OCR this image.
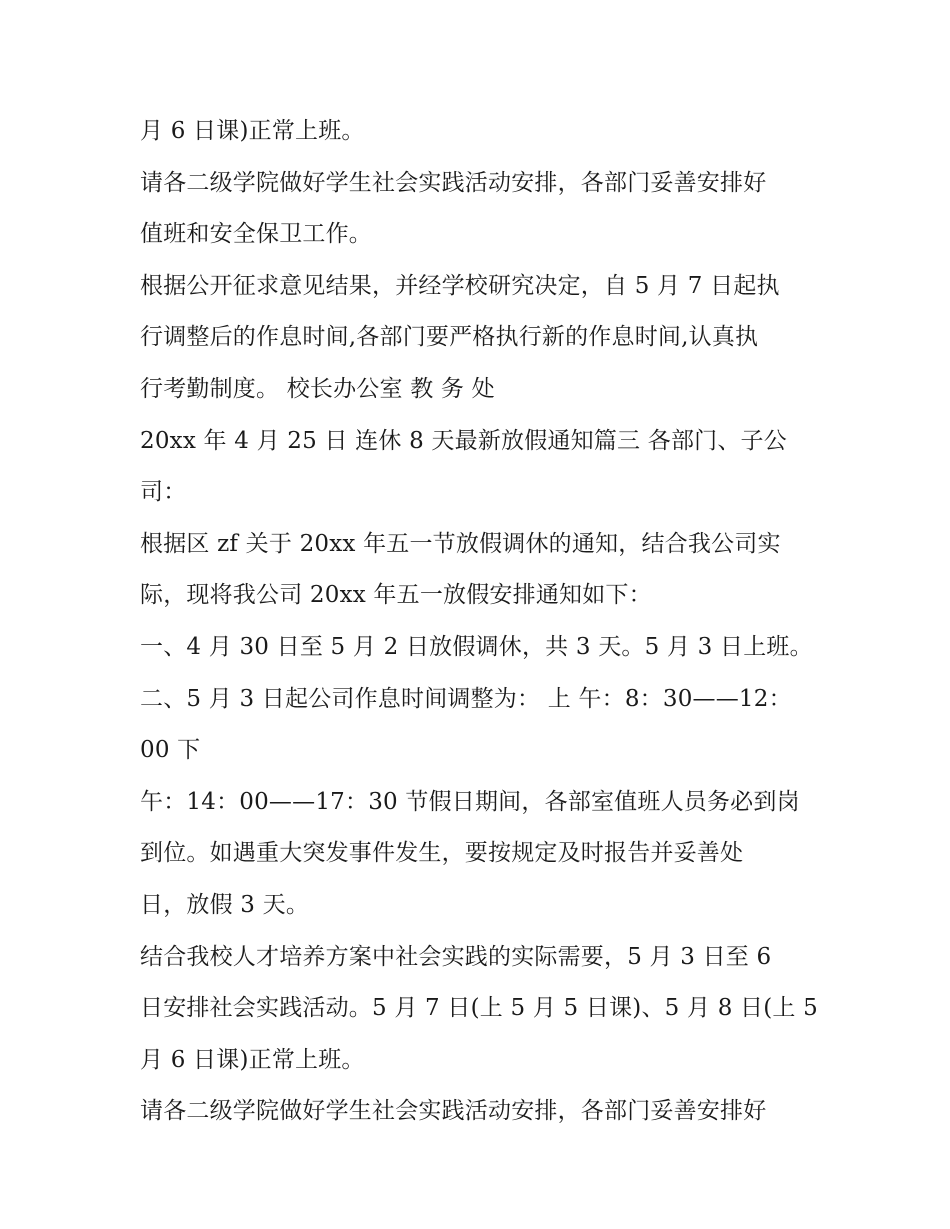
月 6 日课)正常上班。
请各二级学院做好学生社会实践活动安排，各部门妥善安排好
值班和安全保卫工作。
根据公开征求意见结果，并经学校研究决定，自 5 月 7 日起执
行调整后的作息时间,各部门要严格执行新的作息时间,认真执
行考勤制度。 校长办公室 教 务 处
20xx 年 4 月 25 日 连休 8 天最新放假通知篇三 各部门、子公
司：
根据区 zf 关于 20xx 年五一节放假调休的通知，结合我公司实
际，现将我公司 20xx 年五一放假安排通知如下：
一、4 月 30 日至 5 月 2 日放假调休，共 3 天。5 月 3 日上班。
二、5 月 3 日起公司作息时间调整为： 上 午：8：30——12：
00 下
午：14：00——17：30 节假日期间，各部室值班人员务必到岗
到位。如遇重大突发事件发生，要按规定及时报告并妥善处
日，放假 3 天。
结合我校人才培养方案中社会实践的实际需要，5 月 3 日至 6
日安排社会实践活动。5 月 7 日(上 5 月 5 日课)、5 月 8 日(上 5
月 6 日课)正常上班。
请各二级学院做好学生社会实践活动安排，各部门妥善安排好
